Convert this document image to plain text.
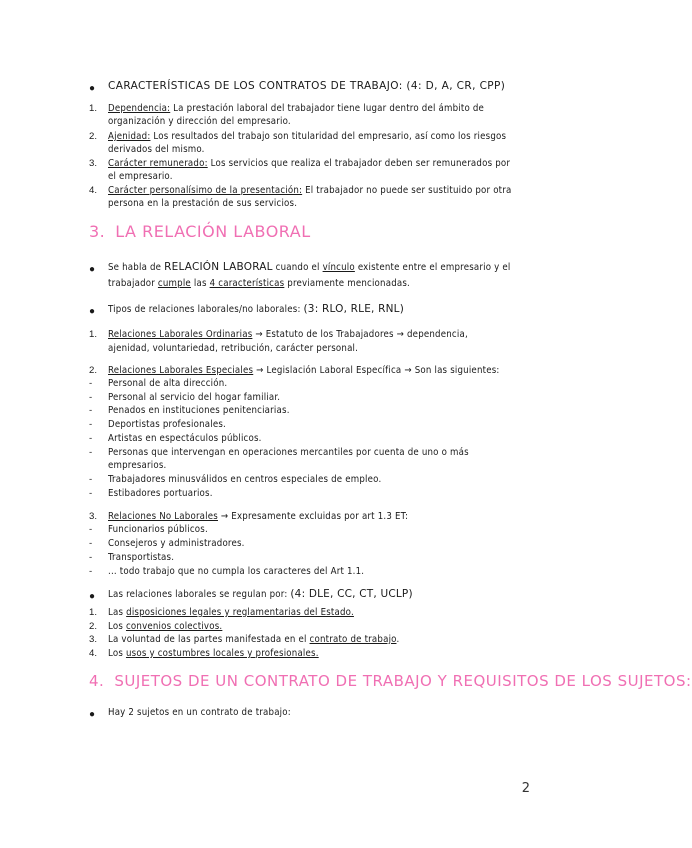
● CARACTERÍSTICAS DE LOS CONTRATOS DE TRABAJO: (4: D, A, CR, CPP)
1. Dependencia: La prestación laboral del trabajador tiene lugar dentro del ámbito de
organización y dirección del empresario.
2. Ajenidad: Los resultados del trabajo son titularidad del empresario, así como los riesgos
derivados del mismo.
3. Carácter remunerado: Los servicios que realiza el trabajador deben ser remunerados por
el empresario.
4. Carácter personalísimo de la presentación: El trabajador no puede ser sustituido por otra
persona en la prestación de sus servicios.
3. LA RELACIÓN LABORAL
● Se habla de RELACIÓN LABORAL cuando el vínculo existente entre el empresario y el
trabajador cumple las 4 características previamente mencionadas.
● Tipos de relaciones laborales/no laborales: (3: RLO, RLE, RNL)
1. Relaciones Laborales Ordinarias → Estatuto de los Trabajadores → dependencia,
ajenidad, voluntariedad, retribución, carácter personal.
2. Relaciones Laborales Especiales → Legislación Laboral Específica → Son las siguientes:
- Personal de alta dirección.
- Personal al servicio del hogar familiar.
- Penados en instituciones penitenciarias.
- Deportistas profesionales.
- Artistas en espectáculos públicos.
- Personas que intervengan en operaciones mercantiles por cuenta de uno o más
empresarios.
- Trabajadores minusválidos en centros especiales de empleo.
- Estibadores portuarios.
3. Relaciones No Laborales → Expresamente excluidas por art 1.3 ET:
- Funcionarios públicos.
- Consejeros y administradores.
- Transportistas.
- ... todo trabajo que no cumpla los caracteres del Art 1.1.
● Las relaciones laborales se regulan por: (4: DLE, CC, CT, UCLP)
1. Las disposiciones legales y reglamentarias del Estado.
2. Los convenios colectivos.
3. La voluntad de las partes manifestada en el contrato de trabajo.
4. Los usos y costumbres locales y profesionales.
4. SUJETOS DE UN CONTRATO DE TRABAJO Y REQUISITOS DE LOS SUJETOS:
● Hay 2 sujetos en un contrato de trabajo:
2
